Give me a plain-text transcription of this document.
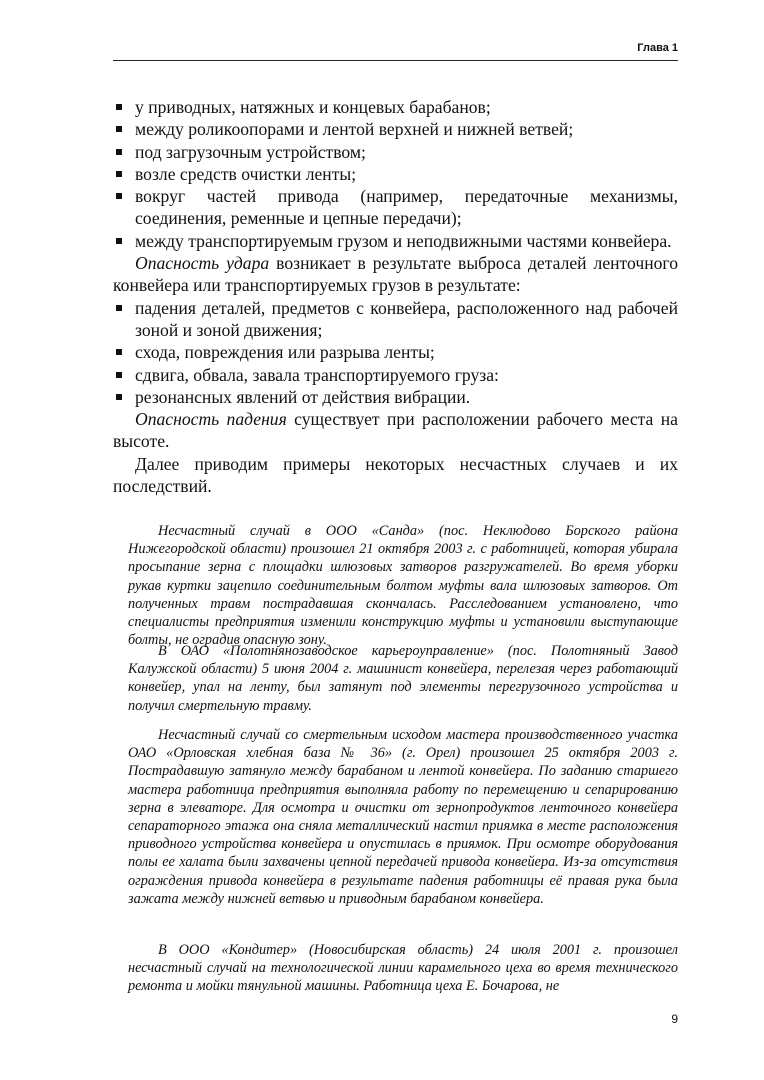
Глава 1
у приводных, натяжных и концевых барабанов;
между роликоопорами и лентой верхней и нижней ветвей;
под загрузочным устройством;
возле средств очистки ленты;
вокруг частей привода (например, передаточные механизмы, соединения, ременные и цепные передачи);
между транспортируемым грузом и неподвижными частями конвейера.

Опасность удара возникает в результате выброса деталей ленточного конвейера или транспортируемых грузов в результате:

падения деталей, предметов с конвейера, расположенного над рабочей зоной и зоной движения;
схода, повреждения или разрыва ленты;
сдвига, обвала, завала транспортируемого груза:
резонансных явлений от действия вибрации.

Опасность падения существует при расположении рабочего места на высоте.

Далее приводим примеры некоторых несчастных случаев и их последствий.

Несчастный случай в ООО «Санда» (пос. Неклюдово Борского района Нижегородской области) произошел 21 октября 2003 г. с работницей, которая убирала просыпание зерна с площадки шлюзовых затворов разгружателей. Во время уборки рукав куртки зацепило соединительным болтом муфты вала шлюзовых затворов. От полученных травм пострадавшая скончалась. Расследованием установлено, что специалисты предприятия изменили конструкцию муфты и установили выступающие болты, не оградив опасную зону.

В ОАО «Полотнянозаводское карьероуправление» (пос. Полотняный Завод Калужской области) 5 июня 2004 г. машинист конвейера, перелезая через работающий конвейер, упал на ленту, был затянут под элементы перегрузочного устройства и получил смертельную травму.

Несчастный случай со смертельным исходом мастера производственного участка ОАО «Орловская хлебная база № 36» (г. Орел) произошел 25 октября 2003 г. Пострадавшую затянуло между барабаном и лентой конвейера. По заданию старшего мастера работница предприятия выполняла работу по перемещению и сепарированию зерна в элеваторе. Для осмотра и очистки от зернопродуктов ленточного конвейера сепараторного этажа она сняла металлический настил приямка в месте расположения приводного устройства конвейера и опустилась в приямок. При осмотре оборудования полы ее халата были захвачены цепной передачей привода конвейера. Из-за отсутствия ограждения привода конвейера в результате падения работницы её правая рука была зажата между нижней ветвью и приводным барабаном конвейера.

В ООО «Кондитер» (Новосибирская область) 24 июля 2001 г. произошел несчастный случай на технологической линии карамельного цеха во время технического ремонта и мойки тянульной машины. Работница цеха Е. Бочарова, не

9
